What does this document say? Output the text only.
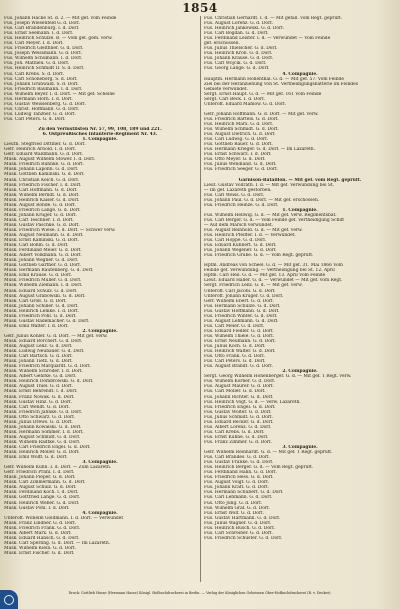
1854
Füs. Johann Hacke St. d. 2. — Mit gef. vom Feinde
Füs. Joseph Wiesenfeld G. d. Dorf.
Füs. Carl Brandenburg. I. d. Dorf.
Füs. Ernst Seemann. I. d. Dorf.
Füs. Heinrich Schulze. B. — Vom gef. gem. verw.
Füs. Carl Meyer. I. d. Dorf.
Füs. Friedrich Gleithner. G. d. Dorf.
Füs. Joseph Weissmann. G. d. Dorf.
Füs. Wilhelm Schumann. I. d. Dorf.
Füs. Joh. Mathieu. G. d. Dorf.
Füs. Heinrich Schmidt II. S. d. Dorf.
Füs. Carl Krebs. S. d. Dorf.
Füs. Carl Schöneberg. S. d. Dorf.
Füs. Johann Grünwald. S. d. Dorf.
Füs. Friedrich Baumann. I. d. Dorf.
Füs. Wilhelm Beyer. I. d. Dorf. — Mit gef. Scheine
Füs. Hermann Horn. I. d. Dorf.
Füs. Gustav Weissenberg. G. d. Dorf.
Füs. Christ. Hoffmann. G. d. Dorf.
Füs. Ludwig Tanzner. G. d. Dorf.
Füs. Carl Peters. G. d. Dorf.
Zu den Verlustlisten Nr. 57, 99, 108, 189 und 221.
6. Ostpreußisches Infanterie-Regiment Nr. 43.
1. Compagnie.
Lieutn. Stegfried Dittmer. G. d. Dorf.
Gefr. Heinrich Arnold. I. d. Dorf.
Gefr. Eduard Waldmann. G. d. Dorf.
Musk. August Wilhelm Stöwer. I. d. Dorf.
Musk. Friedrich Ruhnke. G. d. Dorf.
Musk. Johann Lapöhn. G. d. Dorf.
Musk. Gottlieb Kaminski. G. d. Dorf.
Musk. Christian Kelch. G. d. Dorf.
Musk. Friedrich Fischer. I. d. Dorf.
Musk. Carl Hoffmann. G. d. Dorf.
Musk. Wilhelm Berndt. G. d. Dorf.
Musk. Heinrich Kaiser. G. d. Dorf.
Musk. August Rohde. G. d. Dorf.
Musk. Friedrich Lange. G. d. Dorf.
Musk. Johann Krüger. G. d. Dorf.
Musk. Carl Teschner. I. d. Dorf.
Musk. Gustav Paschke. G. d. Dorf.
Musk. Friedrich Wiese. I. d. Dorf. — Schwer verw.
Musk. August Neumann. G. d. Dorf.
Musk. Ernst Kaminski. G. d. Dorf.
Musk. Carl Böhm. G. d. Dorf.
Musk. Ferdinand Meier. G. d. Dorf.
Musk. Albert Volkmann. G. d. Dorf.
Musk. Johann Wegner. G. d. Dorf.
Musk. Gottlieb Gärtner. G. d. Dorf.
Musk. Hermann Rautenberg. G. d. Dorf.
Musk. Emil Krause. G. d. Dorf.
Musk. Friedrich Müller. G. d. Dorf.
Musk. Wilhelm Ziemann. I. d. Dorf.
Musk. Eduard Schulz. G. d. Dorf.
Musk. August Grabowski. G. d. Dorf.
Musk. Carl Groß. G. d. Dorf.
Musk. Johann Schiller. G. d. Dorf.
Musk. Heinrich Lemke. I. d. Dorf.
Musk. Friedrich Pohl. G. d. Dorf.
Musk. Gustav Rademacher. G. d. Dorf.
Musk. Emil Walter. I. d. Dorf.
2. Compagnie.
Gefr. Julius Köhler. G. d. Dorf. — Mit gef. verw.
Musk. Eduard Borchert. G. d. Dorf.
Musk. August Lenz. G. d. Dorf.
Musk. Ludwig Neubauer. G. d. Dorf.
Musk. Carl Bartsch. G. d. Dorf.
Musk. Johann Tietz. G. d. Dorf.
Musk. Friedrich Marquardt. G. d. Dorf.
Musk. Wilhelm Schröder. I. d. Dorf.
Musk. Albert Gehrke. G. d. Dorf.
Musk. Heinrich Dombrowski. G. d. Dorf.
Musk. August Thiel. G. d. Dorf.
Musk. Ernst Behrendt. I. d. Dorf.
Musk. Franz Nowak. G. d. Dorf.
Musk. Gustav Hinz. G. d. Dorf.
Musk. Carl Wendt. G. d. Dorf.
Musk. Friedrich Jahnke. G. d. Dorf.
Musk. Otto Schwarz. G. d. Dorf.
Musk. Julius Drews. G. d. Dorf.
Musk. Johann Kowalski. G. d. Dorf.
Musk. Hermann Sommer. I. d. Dorf.
Musk. August Schmidt. G. d. Dorf.
Musk. Wilhelm Radtke. G. d. Dorf.
Musk. Carl Friedrich Engel. G. d. Dorf.
Musk. Heinrich Möller. G. d. Dorf.
Musk. Emil Wolff. G. d. Dorf.
3. Compagnie.
Gefr. Wilhelm Kühn. I. d. Dorf. — Zum Lazareth.
Gefr. Friedrich Prahl. I. d. Dorf.
Musk. Johann Pieper. G. d. Dorf.
Musk. Carl Zimmermann. G. d. Dorf.
Musk. August Schulz. G. d. Dorf.
Musk. Ferdinand Koch. I. d. Dorf.
Musk. Gottfried Lange. G. d. Dorf.
Musk. Heinrich Weber. G. d. Dorf.
Musk. Gustav Pohl. I. d. Dorf.
4. Compagnie.
Unteroff. Wilhelm Goldmann. I. d. Dorf. — Verwundet
Musk. Franz Lindner. G. d. Dorf.
Musk. Friedrich Frank. G. d. Dorf.
Musk. Albert Marx. G. d. Dorf.
Musk. Eduard Hänsch. G. d. Dorf.
Musk. Carl Sperling. G. d. Dorf. — Im Lazareth.
Musk. Wilhelm Klein. G. d. Dorf.
Musk. Ernst Fischer. G. d. Dorf.
Füs. Christian Gerhardt. I. d. — Mit gefall. vom Regt. geprüft.
Füs. August Lorenz. G. d. Dorf.
Füs. Heinrich Jankowski. G. d. Dorf.
Füs. Carl Bogdan. G. d. Dorf.
Füs. Ferdinand Leister. I. d. — Verwundet — Vom Feinde
gef. erschossen.
Füs. Julius Thielscher. G. d. Dorf.
Füs. Heinrich Kron. G. d. Dorf.
Füs. Johann Krause. G. d. Dorf.
Füs. Carl Wojcik. G. d. Dorf.
Füs. Georg Lange. G. d. Dorf.
4. Compagnie.
Hauptm. Hermann Hohenthal. G. d. — Mit gef. 57. Vom Feinde
Ziel bei der Heranziehung von St. Vertheidigungsbatterie im Feindes
Gebiete verwundet.
Sergt. Ernst Haupt. G. d. — Mit gef. 161 Vom Feinde
Sergt. Carl Beck. I. d. Dorf.
Unteroff. Eduard Mahlow. G. d. Dorf.
Gefr. Johann Hoffmann. G. d. Dorf. — Mit gef. verw.
Füs. Friedrich Bartels. G. d. Dorf.
Füs. Heinrich Marx. G. d. Dorf.
Füs. Wilhelm Schmidt. G. d. Dorf.
Füs. August Dietrich. G. d. Dorf.
Füs. Carl Ludwig. G. d. Dorf.
Füs. Gottlieb Bauer. G. d. Dorf.
Füs. Hermann Krieger. G. d. Dorf. — Im Lazareth.
Füs. Ernst Schwarz. I. d. Dorf.
Füs. Otto Meyer. G. d. Dorf.
Füs. Julius Wendland. G. d. Dorf.
Füs. Friedrich Seeger. G. d. Dorf.
Garnison-Bataillon. — Mit gef. vom Regt. geprüft.
Lieut. Gustav Vollrath. I. d. — Mit gef. Verwundung bei St.
— Im gef. Lazareth gestorben.
Füs. Carl Weiss. G. d. Dorf.
Füs. Johann Paul. G. d. Dorf. — Mit gef. erschossen.
Füs. Friedrich Heinze. G. d. Dorf.
1. Compagnie.
Füs. Wilhelm Hellwig. G. d. — Mit gef. Verw. Regimentsbat.
Füs. Carl Berger. G. d. — Vom Feinde gef. Vertheidigung Schiff
— Auf dem Marsch verwundet.
Füs. August Reinhold. G. d. — Mit gef. verw.
Füs. Heinrich Pfeiffer. I. d. — Verwundet.
Füs. Carl Hoppe. G. d. Dorf.
Füs. Eduard Kuhnert. G. d. Dorf.
Füs. Johann Wegener. G. d. Dorf.
Füs. Friedrich Grube. G. d. — Vom Regt. geprüft.
Hptm. Andreas von Scheel. G. d. — Mit gef. 31. Mai 1866 Vom
Feinde gef. Verwundung. — Vertheidigung bei St. 12. April
Hptm. Carl Heil. G. d. — Mit gef. 13. April Vom Feinde
Lieut. Eduard Haller. G. d. — Verwundet — Mit gef. vom Regt.
Sergt. Friedrich Lenz. G. d. — Mit gef. verw.
Unteroff. Carl Jacobi. G. d. Dorf.
Unteroff. Johann Krüger. G. d. Dorf.
Gefr. Wilhelm Ebert. G. d. Dorf.
Füs. Hermann Schulze. G. d. Dorf.
Füs. Gustav Hoffmann. G. d. Dorf.
Füs. Friedrich Winter. G. d. Dorf.
Füs. August Lehmann. G. d. Dorf.
Füs. Carl Meier. G. d. Dorf.
Füs. Eduard Fiedler. G. d. Dorf.
Füs. Wilhelm Thiele. G. d. Dorf.
Füs. Ernst Neumann. G. d. Dorf.
Füs. Julius Koch. G. d. Dorf.
Füs. Heinrich Walter. G. d. Dorf.
Füs. Otto Frank. G. d. Dorf.
Füs. Carl Peters. G. d. Dorf.
Füs. August Brandt. G. d. Dorf.
2. Compagnie.
Sergt. Georg Wilhelm Hohenberger. G. d. — Mit gef. 1 Regt. verw.
Füs. Wilhelm Körner. G. d. Dorf.
Füs. August Maurer. G. d. Dorf.
Füs. Carl Möller. G. d. Dorf.
Füs. Johann Richter. G. d. Dorf.
Füs. Heinrich Vogt. G. d. — Verw. Lazareth.
Füs. Friedrich Engel. G. d. Dorf.
Füs. Gustav Wolter. G. d. Dorf.
Füs. Julius Schmidt. G. d. Dorf.
Füs. Eduard Becker. G. d. Dorf.
Füs. Albert Lorenz. G. d. Dorf.
Füs. Carl Krebs. G. d. Dorf.
Füs. Ernst Kühne. G. d. Dorf.
Füs. Franz Zimmer. G. d. Dorf.
3. Compagnie.
Gefr. Wilhelm Reinhardt. G. d. — Mit gef. 1 Regt. geprüft.
Füs. Carl Brandes. G. d. Dorf.
Füs. Gustav Franke. G. d. Dorf.
Füs. Heinrich Berger. G. d. — Vom Regt. geprüft.
Füs. Ferdinand Hahn. G. d. Dorf.
Füs. Friedrich Hess. G. d. Dorf.
Füs. August Voigt. G. d. Dorf.
Füs. Johann Kraft. G. d. Dorf.
Füs. Hermann Schubert. G. d. Dorf.
Füs. Carl Lehmann. G. d. Dorf.
Füs. Otto Jung. G. d. Dorf.
Füs. Wilhelm Graf. G. d. Dorf.
Füs. Ernst Wolf. G. d. Dorf.
Füs. Gustav Hartmann. G. d. Dorf.
Füs. Julius Wagner. G. d. Dorf.
Füs. Heinrich Busch. G. d. Dorf.
Füs. Carl Schreiber. G. d. Dorf.
Füs. Friedrich Schuster. G. d. Dorf.
Druck: Gottlieb Hasse (Hermann Hasse) Königl. Hofbuchdruckerei in Berlin. — Verlag der Königlichen Geheimen Ober-Hofbuchdruckerei (R. v. Decker).
